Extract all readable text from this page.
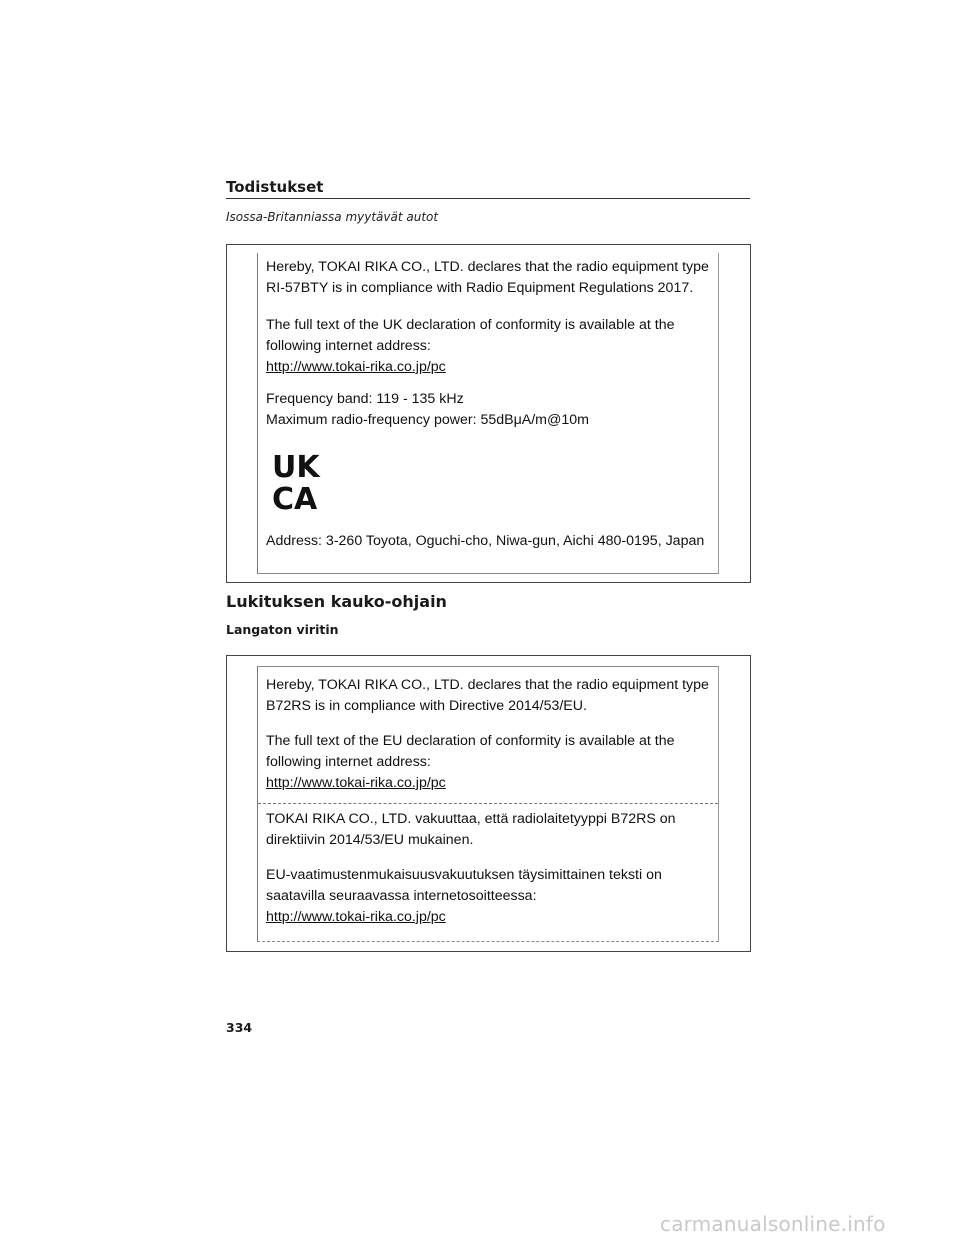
Todistukset
Isossa-Britanniassa myytävät autot

Hereby, TOKAI RIKA CO., LTD. declares that the radio equipment type

RI-57BTY is in compliance with Radio Equipment Regulations 2017.

The full text of the UK declaration of conformity is available at the

following internet address:

http://www.tokai-rika.co.jp/pc

Frequency band: 119 - 135 kHz

Maximum radio-frequency power: 55dBμA/m@10m

UK
CA

Address: 3-260 Toyota, Oguchi-cho, Niwa-gun, Aichi 480-0195, Japan

Lukituksen kauko-ohjain
Langaton viritin

Hereby, TOKAI RIKA CO., LTD. declares that the radio equipment type

B72RS is in compliance with Directive 2014/53/EU.

The full text of the EU declaration of conformity is available at the

following internet address:

http://www.tokai-rika.co.jp/pc

TOKAI RIKA CO., LTD. vakuuttaa, että radiolaitetyyppi B72RS on

direktiivin 2014/53/EU mukainen.

EU-vaatimustenmukaisuusvakuutuksen täysimittainen teksti on

saatavilla seuraavassa internetosoitteessa:

http://www.tokai-rika.co.jp/pc

334
carmanualsonline.info
